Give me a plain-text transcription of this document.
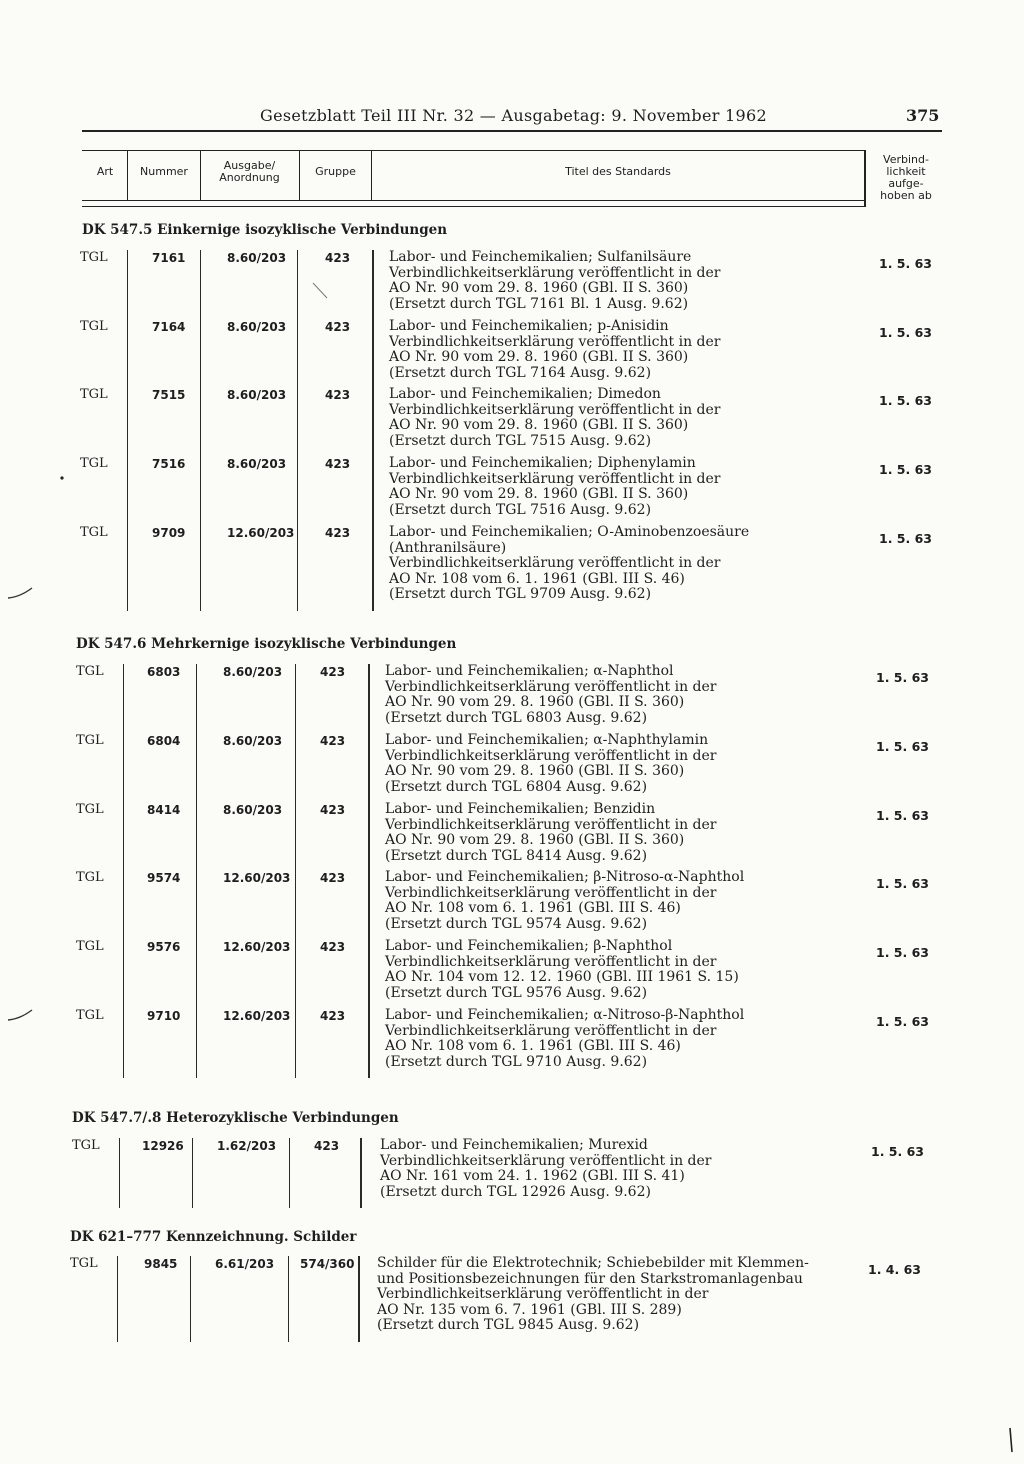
Gesetzblatt Teil III Nr. 32 — Ausgabetag: 9. November 1962	375
Art	Nummer	Ausgabe/
Anordnung	Gruppe	Titel des Standards
Verbind-
lichkeit
aufge-
hoben ab
DK 547.5 Einkernige isozyklische Verbindungen
TGL	7161	8.60/203	423	Labor- und Feinchemikalien; Sulfanilsäure
Verbindlichkeitserklärung veröffentlicht in der
AO Nr. 90 vom 29. 8. 1960 (GBl. II S. 360)
(Ersetzt durch TGL 7161 Bl. 1 Ausg. 9.62)
1. 5. 63
TGL	7164	8.60/203	423	Labor- und Feinchemikalien; p-Anisidin
Verbindlichkeitserklärung veröffentlicht in der
AO Nr. 90 vom 29. 8. 1960 (GBl. II S. 360)
(Ersetzt durch TGL 7164 Ausg. 9.62)
1. 5. 63
TGL	7515	8.60/203	423	Labor- und Feinchemikalien; Dimedon
Verbindlichkeitserklärung veröffentlicht in der
AO Nr. 90 vom 29. 8. 1960 (GBl. II S. 360)
(Ersetzt durch TGL 7515 Ausg. 9.62)
1. 5. 63
TGL	7516	8.60/203	423	Labor- und Feinchemikalien; Diphenylamin
Verbindlichkeitserklärung veröffentlicht in der
AO Nr. 90 vom 29. 8. 1960 (GBl. II S. 360)
(Ersetzt durch TGL 7516 Ausg. 9.62)
1. 5. 63
TGL	9709	12.60/203	423	Labor- und Feinchemikalien; O-Aminobenzoesäure
(Anthranilsäure)
Verbindlichkeitserklärung veröffentlicht in der
AO Nr. 108 vom 6. 1. 1961 (GBl. III S. 46)
(Ersetzt durch TGL 9709 Ausg. 9.62)
1. 5. 63
DK 547.6 Mehrkernige isozyklische Verbindungen
TGL	6803	8.60/203	423	Labor- und Feinchemikalien; α-Naphthol
Verbindlichkeitserklärung veröffentlicht in der
AO Nr. 90 vom 29. 8. 1960 (GBl. II S. 360)
(Ersetzt durch TGL 6803 Ausg. 9.62)
1. 5. 63
TGL	6804	8.60/203	423	Labor- und Feinchemikalien; α-Naphthylamin
Verbindlichkeitserklärung veröffentlicht in der
AO Nr. 90 vom 29. 8. 1960 (GBl. II S. 360)
(Ersetzt durch TGL 6804 Ausg. 9.62)
1. 5. 63
TGL	8414	8.60/203	423	Labor- und Feinchemikalien; Benzidin
Verbindlichkeitserklärung veröffentlicht in der
AO Nr. 90 vom 29. 8. 1960 (GBl. II S. 360)
(Ersetzt durch TGL 8414 Ausg. 9.62)
1. 5. 63
TGL	9574	12.60/203 423	Labor- und Feinchemikalien; β-Nitroso-α-Naphthol
Verbindlichkeitserklärung veröffentlicht in der
AO Nr. 108 vom 6. 1. 1961 (GBl. III S. 46)
(Ersetzt durch TGL 9574 Ausg. 9.62)
1. 5. 63
TGL	9576	12.60/203 423	Labor- und Feinchemikalien; β-Naphthol
Verbindlichkeitserklärung veröffentlicht in der
AO Nr. 104 vom 12. 12. 1960 (GBl. III 1961 S. 15)
(Ersetzt durch TGL 9576 Ausg. 9.62)
1. 5. 63
TGL	9710	12.60/203 423	Labor- und Feinchemikalien; α-Nitroso-β-Naphthol
Verbindlichkeitserklärung veröffentlicht in der
AO Nr. 108 vom 6. 1. 1961 (GBl. III S. 46)
(Ersetzt durch TGL 9710 Ausg. 9.62)
1. 5. 63
DK 547.7/.8 Heterozyklische Verbindungen
TGL	12926	1.62/203	423	Labor- und Feinchemikalien; Murexid
Verbindlichkeitserklärung veröffentlicht in der
AO Nr. 161 vom 24. 1. 1962 (GBl. III S. 41)
(Ersetzt durch TGL 12926 Ausg. 9.62)
1. 5. 63
DK 621–777 Kennzeichnung. Schilder
TGL	9845	6.61/203 574/360 Schilder für die Elektrotechnik; Schiebebilder mit Klemmen-
und Positionsbezeichnungen für den Starkstromanlagenbau
Verbindlichkeitserklärung veröffentlicht in der
AO Nr. 135 vom 6. 7. 1961 (GBl. III S. 289)
(Ersetzt durch TGL 9845 Ausg. 9.62)
1. 4. 63
